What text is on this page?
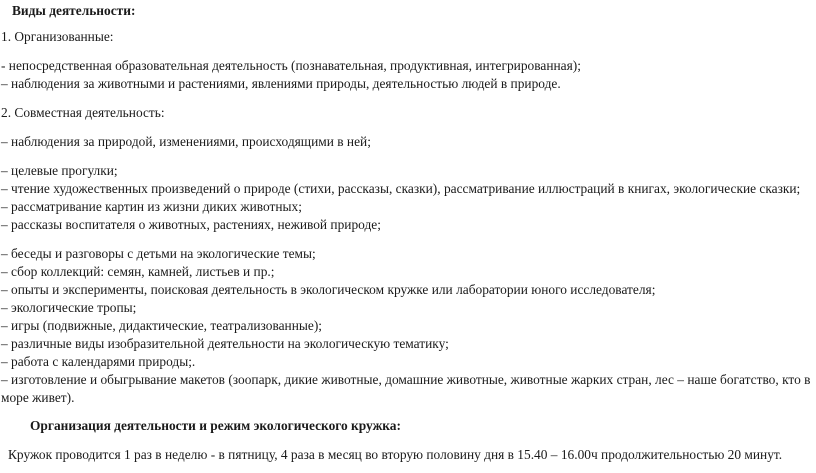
Виды деятельности:
1. Организованные:
- непосредственная образовательная деятельность (познавательная, продуктивная, интегрированная);
– наблюдения за животными и растениями, явлениями природы, деятельностью людей в природе.
2. Совместная деятельность:
– наблюдения за природой, изменениями, происходящими в ней;
– целевые прогулки;
– чтение художественных произведений о природе (стихи, рассказы, сказки), рассматривание иллюстраций в книгах, экологические сказки;
– рассматривание картин из жизни диких животных;
– рассказы воспитателя о животных, растениях, неживой природе;
– беседы и разговоры с детьми на экологические темы;
– сбор коллекций: семян, камней, листьев и пр.;
– опыты и эксперименты, поисковая деятельность в экологическом кружке или лаборатории юного исследователя;
– экологические тропы;
– игры (подвижные, дидактические, театрализованные);
– различные виды изобразительной деятельности на экологическую тематику;
– работа с календарями природы;.
– изготовление и обыгрывание макетов (зоопарк, дикие животные, домашние животные, животные жарких стран, лес – наше богатство, кто в
море живет).
Организация деятельности и режим экологического кружка:
Кружок проводится 1 раз в неделю - в пятницу, 4 раза в месяц во вторую половину дня в 15.40 – 16.00ч продолжительностью 20 минут.
